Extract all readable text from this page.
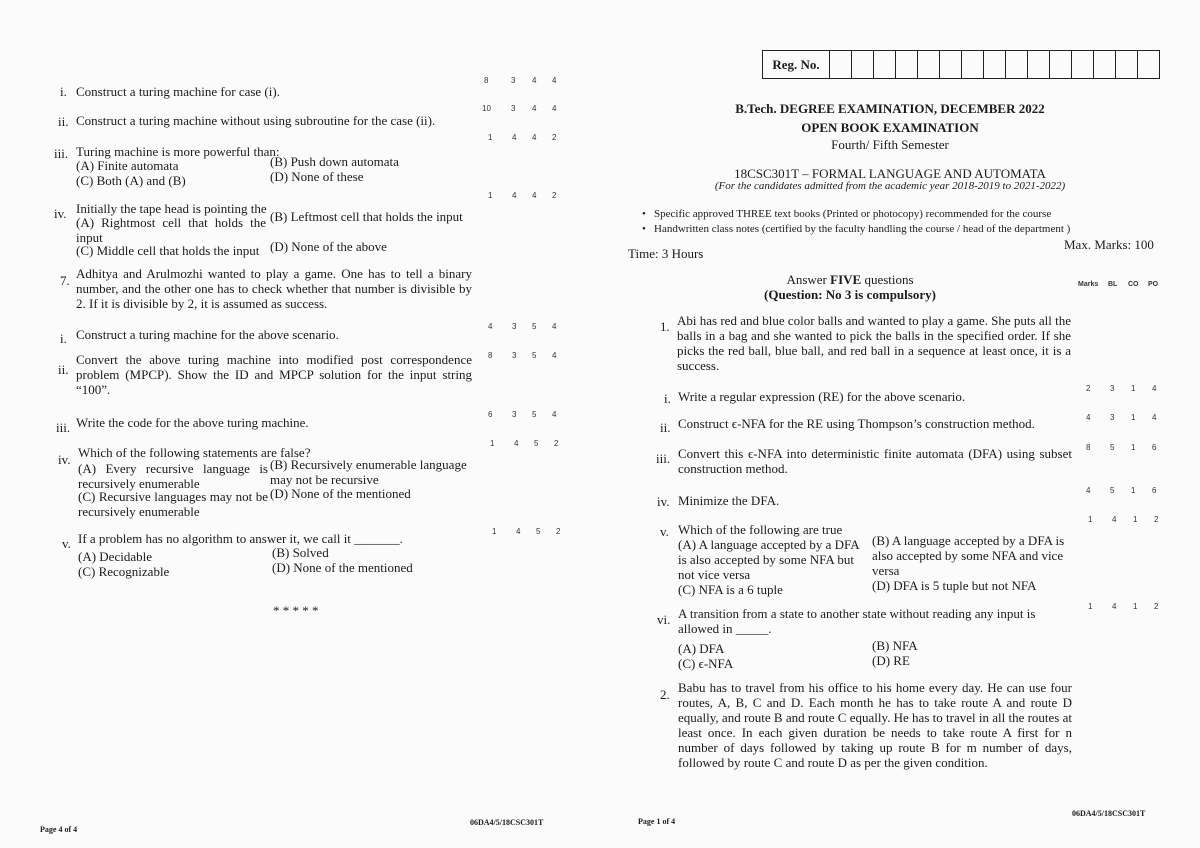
i. Construct a turing machine for case (i).
8	3 4 4
ii. Construct a turing machine without using subroutine for the case (ii).
10	3 4 4
iii. Turing machine is more powerful than:
1 4 4 2
(A) Finite automata	(B) Push down automata
(C) Both (A) and (B)	(D) None of these
iv. Initially the tape head is pointing the
1 4 4 2
(A) Rightmost cell that holds the input
(B) Leftmost cell that holds the input
(C) Middle cell that holds the input (D) None of the above
7. Adhitya and Arulmozhi wanted to play a game. One has to tell a binary number, and the other one has to check whether that number is divisible by 2. If it is divisible by 2, it is assumed as success.
i. Construct a turing machine for the above scenario.
4 3 5 4
ii.
Convert the above turing machine into modified post correspondence problem (MPCP). Show the ID and MPCP solution for the input string “100”.
8 3 5 4
iii. Write the code for the above turing machine.
6 3 5 4
iv. Which of the following statements are false?
1 4 5 2
(A) Every recursive language is recursively enumerable
(B) Recursively enumerable language may not be recursive
(C) Recursive languages may not be recursively enumerable
(D) None of the mentioned
v. If a problem has no algorithm to answer it, we call it _______.	1 4 5 2
(A) Decidable	(B) Solved
(C) Recognizable	(D) None of the mentioned
* * * * *
Page 4 of 4
06DA4/5/18CSC301T
Reg. No.
B.Tech. DEGREE EXAMINATION, DECEMBER 2022
OPEN BOOK EXAMINATION
Fourth/ Fifth Semester
18CSC301T – FORMAL LANGUAGE AND AUTOMATA
(For the candidates admitted from the academic year 2018-2019 to 2021-2022)
• Specific approved THREE text books (Printed or photocopy) recommended for the course
• Handwritten class notes (certified by the faculty handling the course / head of the department )
Time: 3 Hours
Max. Marks: 100
Answer FIVE questions
(Question: No 3 is compulsory)
Marks BL CO PO
1. Abi has red and blue color balls and wanted to play a game. She puts all the balls in a bag and she wanted to pick the balls in the specified order. If she picks the red ball, blue ball, and red ball in a sequence at least once, it is a success.
i. Write a regular expression (RE) for the above scenario.
2 3 1 4
ii. Construct ϵ-NFA for the RE using Thompson’s construction method.	4 3 1 4
iii. Convert this ϵ-NFA into deterministic finite automata (DFA) using subset construction method.
8 5 1 6
iv. Minimize the DFA.
4 5 1 6
v. Which of the following are true
1 4 1 2
(A) A language accepted by a DFA is also accepted by some NFA but not vice versa
(B) A language accepted by a DFA is also accepted by some NFA and vice versa
(C) NFA is a 6 tuple	(D) DFA is 5 tuple but not NFA
vi. A transition from a state to another state without reading any input is allowed in _____.
1 4 1 2
(A) DFA	(B) NFA
(C) ϵ-NFA	(D) RE
2. Babu has to travel from his office to his home every day. He can use four routes, A, B, C and D. Each month he has to take route A and route D equally, and route B and route C equally. He has to travel in all the routes at least once. In each given duration be needs to take route A first for n number of days followed by taking up route B for m number of days, followed by route C and route D as per the given condition.
Page 1 of 4
06DA4/5/18CSC301T
